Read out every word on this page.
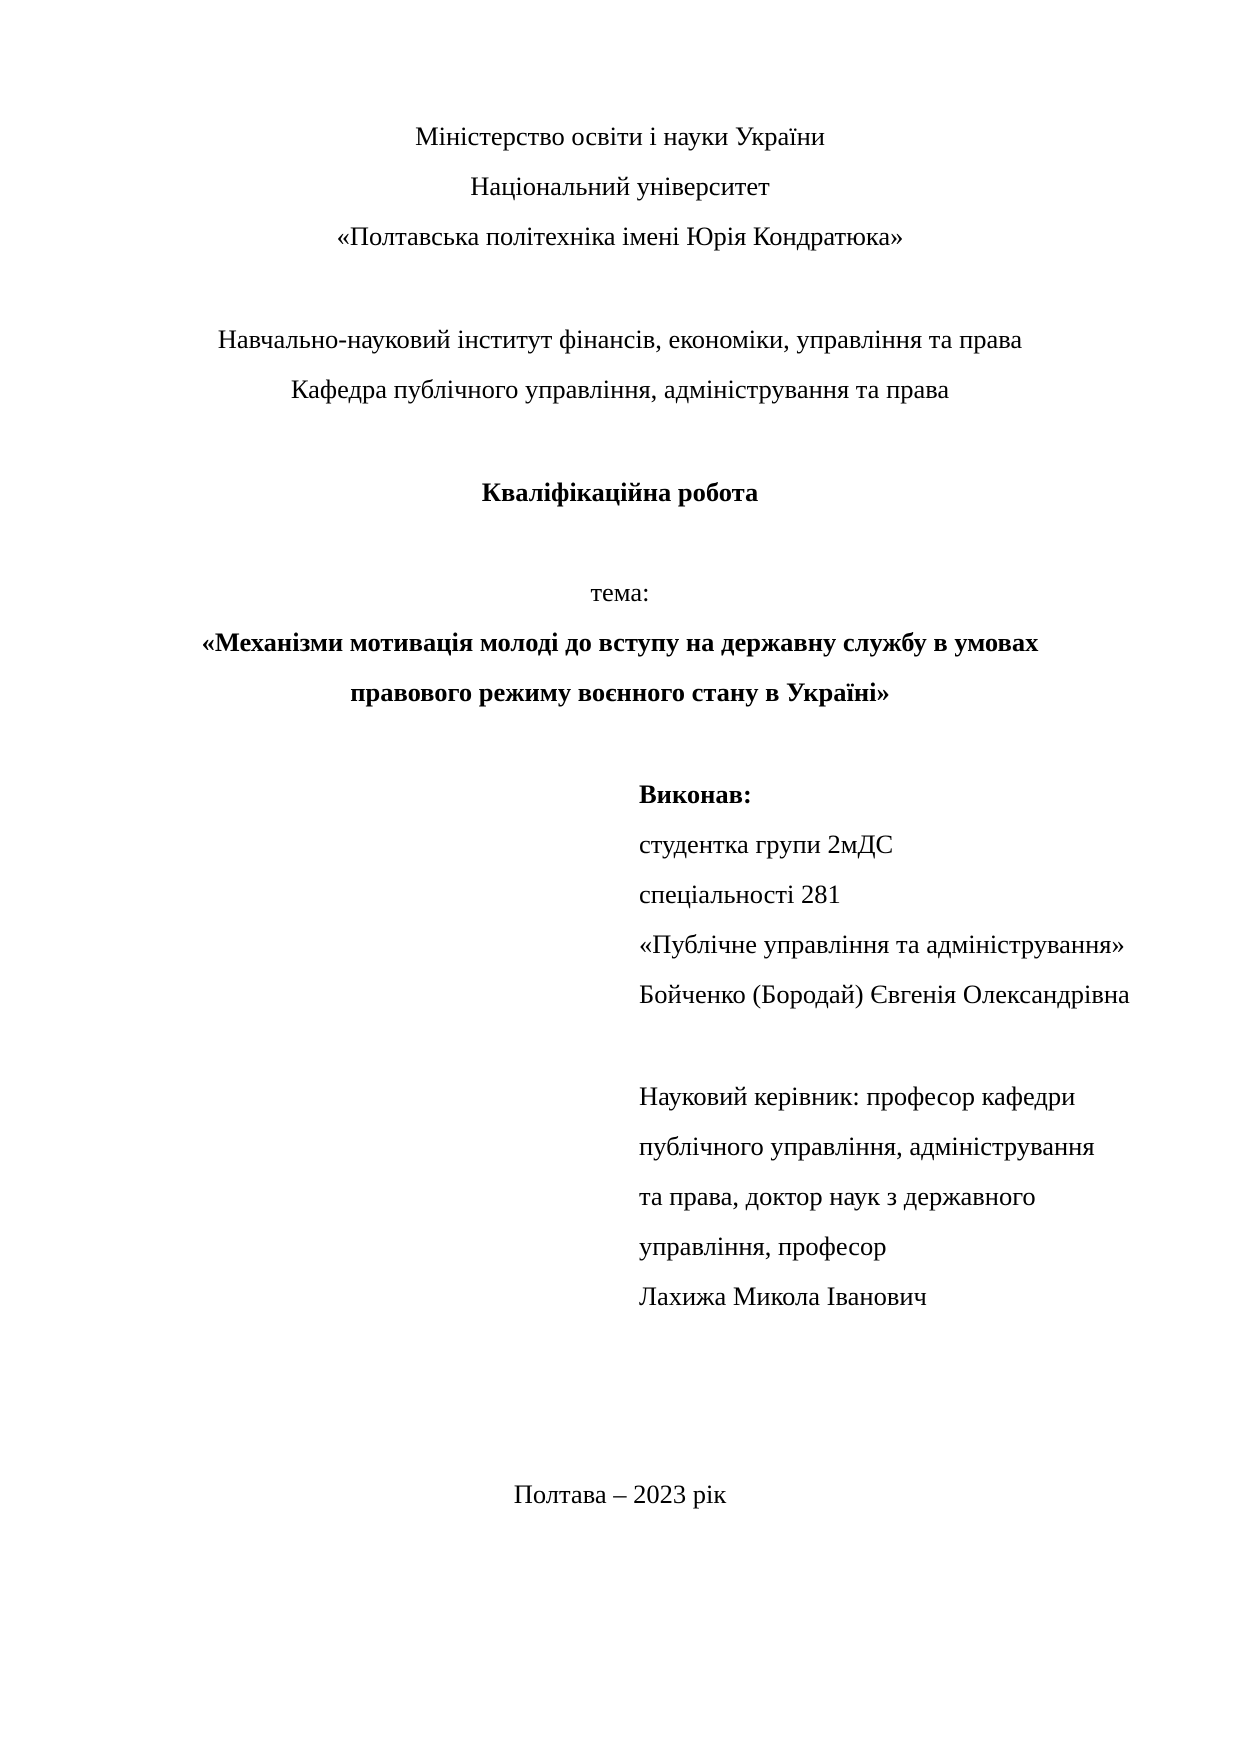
Міністерство освіти і науки України
Національний університет
«Полтавська політехніка імені Юрія Кондратюка»
Навчально-науковий інститут фінансів, економіки, управління та права
Кафедра публічного управління, адміністрування та права
Кваліфікаційна робота
тема:
«Механізми мотивація молоді до вступу на державну службу в умовах
правового режиму воєнного стану в Україні»
Виконав:
студентка групи 2мДС
спеціальності 281
«Публічне управління та адміністрування»
Бойченко (Бородай) Євгенія Олександрівна
Науковий керівник: професор кафедри
публічного управління, адміністрування
та права, доктор наук з державного
управління, професор
Лахижа Микола Іванович
Полтава – 2023 рік
